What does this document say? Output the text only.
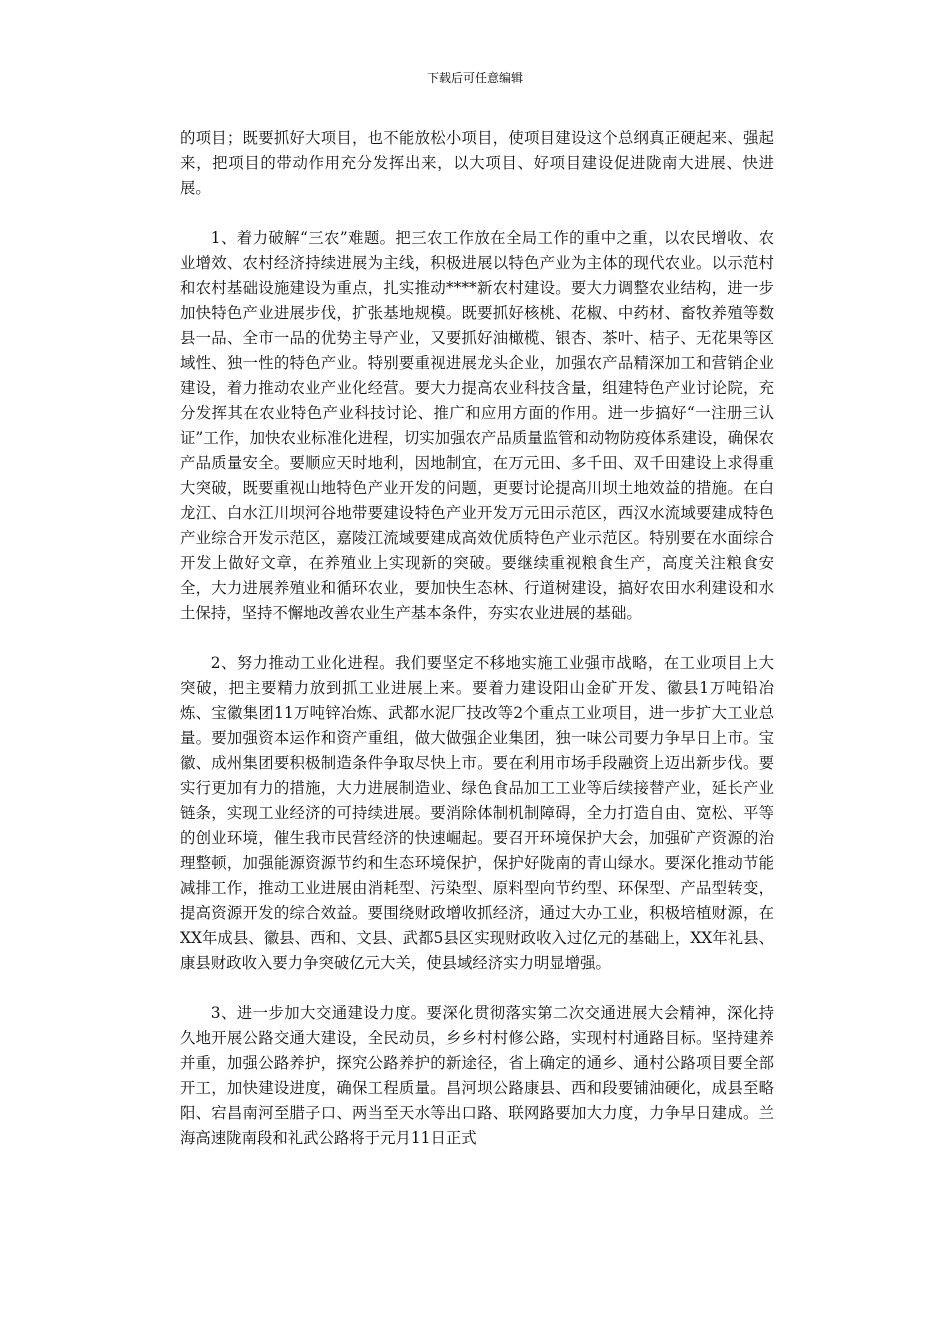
下载后可任意编辑

的项目；既要抓好大项目，也不能放松小项目，使项目建设这个总纲真正硬起来、强起来，把项目的带动作用充分发挥出来，以大项目、好项目建设促进陇南大进展、快进展。

1、着力破解“三农”难题。把三农工作放在全局工作的重中之重，以农民增收、农业增效、农村经济持续进展为主线，积极进展以特色产业为主体的现代农业。以示范村和农村基础设施建设为重点，扎实推动****新农村建设。要大力调整农业结构，进一步加快特色产业进展步伐，扩张基地规模。既要抓好核桃、花椒、中药材、畜牧养殖等数县一品、全市一品的优势主导产业，又要抓好油橄榄、银杏、茶叶、桔子、无花果等区域性、独一性的特色产业。特别要重视进展龙头企业，加强农产品精深加工和营销企业建设，着力推动农业产业化经营。要大力提高农业科技含量，组建特色产业讨论院，充分发挥其在农业特色产业科技讨论、推广和应用方面的作用。进一步搞好“一注册三认证”工作，加快农业标准化进程，切实加强农产品质量监管和动物防疫体系建设，确保农产品质量安全。要顺应天时地利，因地制宜，在万元田、多千田、双千田建设上求得重大突破，既要重视山地特色产业开发的问题，更要讨论提高川坝土地效益的措施。在白龙江、白水江川坝河谷地带要建设特色产业开发万元田示范区，西汉水流域要建成特色产业综合开发示范区，嘉陵江流域要建成高效优质特色产业示范区。特别要在水面综合开发上做好文章，在养殖业上实现新的突破。要继续重视粮食生产，高度关注粮食安全，大力进展养殖业和循环农业，要加快生态林、行道树建设，搞好农田水利建设和水土保持，坚持不懈地改善农业生产基本条件，夯实农业进展的基础。

2、努力推动工业化进程。我们要坚定不移地实施工业强市战略，在工业项目上大突破，把主要精力放到抓工业进展上来。要着力建设阳山金矿开发、徽县1万吨铅冶炼、宝徽集团11万吨锌冶炼、武都水泥厂技改等2个重点工业项目，进一步扩大工业总量。要加强资本运作和资产重组，做大做强企业集团，独一味公司要力争早日上市。宝徽、成州集团要积极制造条件争取尽快上市。要在利用市场手段融资上迈出新步伐。要实行更加有力的措施，大力进展制造业、绿色食品加工工业等后续接替产业，延长产业链条，实现工业经济的可持续进展。要消除体制机制障碍，全力打造自由、宽松、平等的创业环境，催生我市民营经济的快速崛起。要召开环境保护大会，加强矿产资源的治理整顿，加强能源资源节约和生态环境保护，保护好陇南的青山绿水。要深化推动节能减排工作，推动工业进展由消耗型、污染型、原料型向节约型、环保型、产品型转变，提高资源开发的综合效益。要围绕财政增收抓经济，通过大办工业，积极培植财源，在XX年成县、徽县、西和、文县、武都5县区实现财政收入过亿元的基础上，XX年礼县、康县财政收入要力争突破亿元大关，使县域经济实力明显增强。

3、进一步加大交通建设力度。要深化贯彻落实第二次交通进展大会精神，深化持久地开展公路交通大建设，全民动员，乡乡村村修公路，实现村村通路目标。坚持建养并重，加强公路养护，探究公路养护的新途径，省上确定的通乡、通村公路项目要全部开工，加快建设进度，确保工程质量。昌河坝公路康县、西和段要铺油硬化，成县至略阳、宕昌南河至腊子口、两当至天水等出口路、联网路要加大力度，力争早日建成。兰海高速陇南段和礼武公路将于元月11日正式
